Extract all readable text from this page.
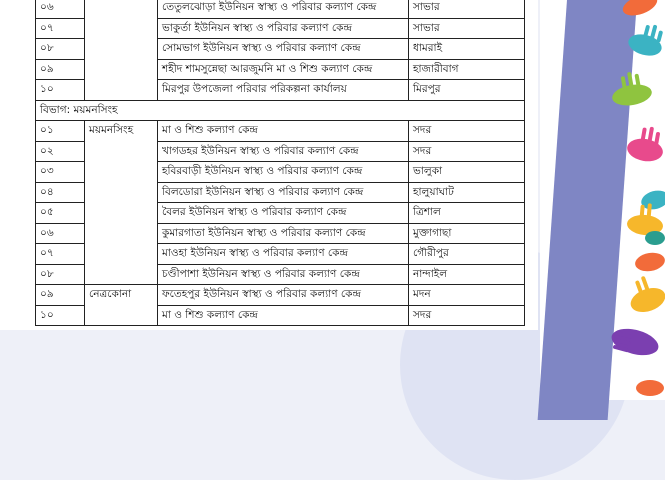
০৬		তেতুলঝোড়া ইউনিয়ন স্বাস্থ্য ও পরিবার কল্যাণ কেন্দ্র	সাভার
০৭		ভাকুর্তা ইউনিয়ন স্বাস্থ্য ও পরিবার কল্যাণ কেন্দ্র	সাভার
০৮		সোমভাগ ইউনিয়ন স্বাস্থ্য ও পরিবার কল্যাণ কেন্দ্র	ধামরাই
০৯		শহীদ শামসুন্নেছা আরজুমনি মা ও শিশু কল্যাণ কেন্দ্র	হাজারীবাগ
১০		মিরপুর উপজেলা পরিবার পরিকল্পনা কার্যালয়	মিরপুর
বিভাগ: ময়মনসিংহ			
০১	ময়মনসিংহ	মা ও শিশু কল্যাণ কেন্দ্র	সদর
০২		খাগডহর ইউনিয়ন স্বাস্থ্য ও পরিবার কল্যাণ কেন্দ্র	সদর
০৩		হবিরবাড়ী ইউনিয়ন স্বাস্থ্য ও পরিবার কল্যাণ কেন্দ্র	ভালুকা
০৪		বিলডোরা ইউনিয়ন স্বাস্থ্য ও পরিবার কল্যাণ কেন্দ্র	হালুয়াঘাট
০৫		বৈলর ইউনিয়ন স্বাস্থ্য ও পরিবার কল্যাণ কেন্দ্র	ত্রিশাল
০৬		কুমারগাতা ইউনিয়ন স্বাস্থ্য ও পরিবার কল্যাণ কেন্দ্র	মুক্তাগাছা
০৭		মাওহা ইউনিয়ন স্বাস্থ্য ও পরিবার কল্যাণ কেন্দ্র	গৌরীপুর
০৮		চণ্ডীপাশা ইউনিয়ন স্বাস্থ্য ও পরিবার কল্যাণ কেন্দ্র	নান্দাইল
০৯	নেত্রকোনা	ফতেহপুর ইউনিয়ন স্বাস্থ্য ও পরিবার কল্যাণ কেন্দ্র	মদন
১০		মা ও শিশু কল্যাণ কেন্দ্র	সদর
